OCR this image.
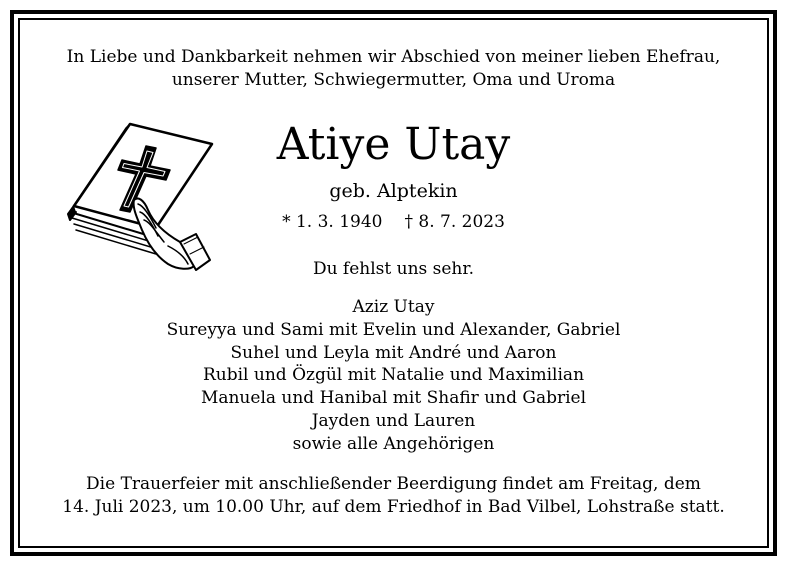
In Liebe und Dankbarkeit nehmen wir Abschied von meiner lieben Ehefrau,
unserer Mutter, Schwiegermutter, Oma und Uroma
Atiye Utay
geb. Alptekin
* 1. 3. 1940 † 8. 7. 2023
Du fehlst uns sehr.
Aziz Utay
Sureyya und Sami mit Evelin und Alexander, Gabriel
Suhel und Leyla mit André und Aaron
Rubil und Özgül mit Natalie und Maximilian
Manuela und Hanibal mit Shafir und Gabriel
Jayden und Lauren
sowie alle Angehörigen
Die Trauerfeier mit anschließender Beerdigung findet am Freitag, dem
14. Juli 2023, um 10.00 Uhr, auf dem Friedhof in Bad Vilbel, Lohstraße statt.
